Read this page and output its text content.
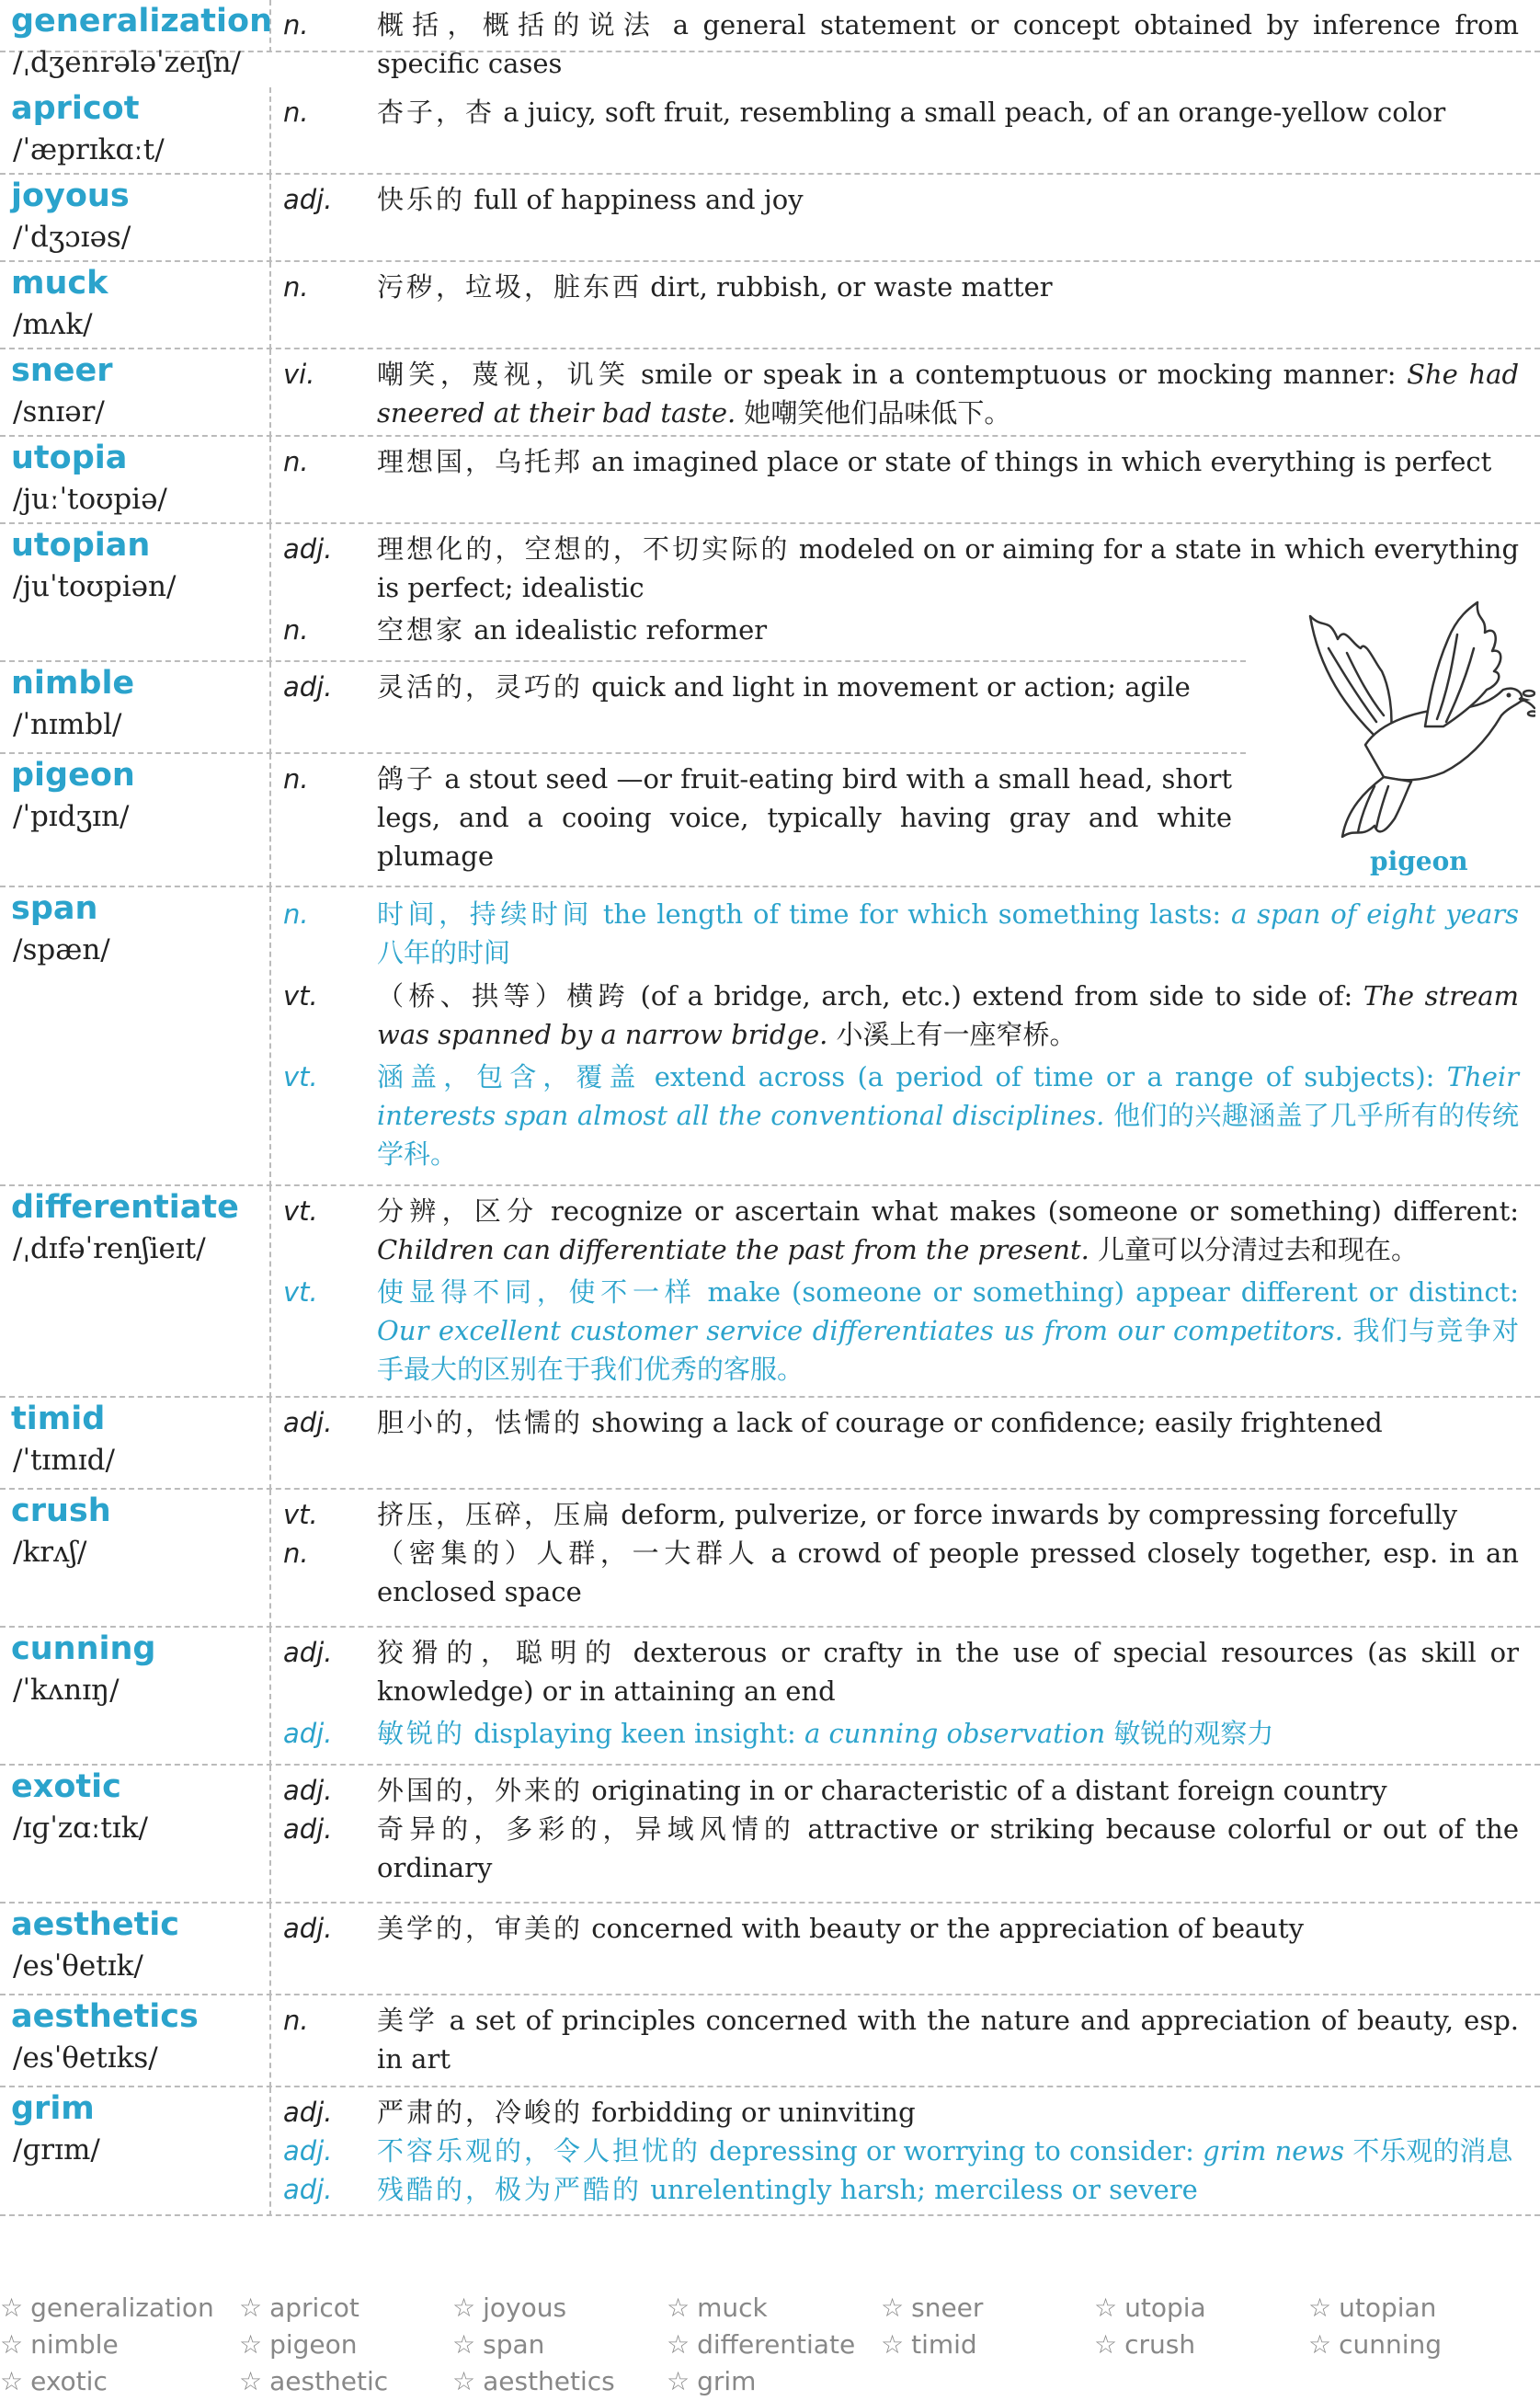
generalization
/ˌdʒenrələˈzeɪʃn/
n.	概括，概括的说法 a general statement or concept obtained by inference from specific cases
apricot
/ˈæprɪkɑːt/
n.	杏子，杏 a juicy, soft fruit, resembling a small peach, of an orange-yellow color
joyous
/ˈdʒɔɪəs/
adj. 快乐的 full of happiness and joy
muck
/mʌk/
n.	污秽，垃圾，脏东西 dirt, rubbish, or waste matter
sneer
/snɪər/
vi. 嘲笑，蔑视，讥笑 smile or speak in a contemptuous or mocking manner: She had sneered at their bad taste. 她嘲笑他们品味低下。
utopia
/juːˈtoʊpiə/
n.	理想国，乌托邦 an imagined place or state of things in which everything is perfect
utopian
/juˈtoʊpiən/
adj. 理想化的，空想的，不切实际的 modeled on or aiming for a state in which everything is perfect; idealistic
n.	空想家 an idealistic reformer
nimble
/ˈnɪmbl/
adj. 灵活的，灵巧的 quick and light in movement or action; agile
pigeon
/ˈpɪdʒɪn/
n.	鸽子 a stout seed —or fruit-eating bird with a small head, short legs, and a cooing voice, typically having gray and white plumage
span
/spæn/
n.	时间，持续时间 the length of time for which something lasts: a span of eight years 八年的时间
vt. （桥、拱等）横跨 (of a bridge, arch, etc.) extend from side to side of: The stream was spanned by a narrow bridge. 小溪上有一座窄桥。
vt. 涵盖，包含，覆盖 extend across (a period of time or a range of subjects): Their interests span almost all the conventional disciplines. 他们的兴趣涵盖了几乎所有的传统学科。
differentiate
/ˌdɪfəˈrenʃieɪt/
vt. 分辨，区分 recognize or ascertain what makes (someone or something) different: Children can differentiate the past from the present. 儿童可以分清过去和现在。
vt. 使显得不同，使不一样 make (someone or something) appear different or distinct: Our excellent customer service differentiates us from our competitors. 我们与竞争对手最大的区别在于我们优秀的客服。
timid
/ˈtɪmɪd/
adj. 胆小的，怯懦的 showing a lack of courage or confidence; easily frightened
crush
/krʌʃ/
vt. 挤压，压碎，压扁 deform, pulverize, or force inwards by compressing forcefully
n.	（密集的）人群，一大群人 a crowd of people pressed closely together, esp. in an enclosed space
cunning
/ˈkʌnɪŋ/
adj. 狡猾的，聪明的 dexterous or crafty in the use of special resources (as skill or knowledge) or in attaining an end
adj. 敏锐的 displaying keen insight: a cunning observation 敏锐的观察力
exotic
/ɪɡˈzɑːtɪk/
adj. 外国的，外来的 originating in or characteristic of a distant foreign country
adj. 奇异的，多彩的，异域风情的 attractive or striking because colorful or out of the ordinary
aesthetic
/esˈθetɪk/
adj. 美学的，审美的 concerned with beauty or the appreciation of beauty
aesthetics
/esˈθetɪks/
n.	美学 a set of principles concerned with the nature and appreciation of beauty, esp. in art
grim
/ɡrɪm/
adj. 严肃的，冷峻的 forbidding or uninviting
adj. 不容乐观的，令人担忧的 depressing or worrying to consider: grim news 不乐观的消息
adj. 残酷的，极为严酷的 unrelentingly harsh; merciless or severe
pigeon
☆ generalization ☆ apricot	☆ joyous	☆ muck	☆ sneer	☆ utopia	☆ utopian
☆ nimble	☆ pigeon	☆ span	☆ differentiate ☆ timid	☆ crush	☆ cunning
☆ exotic	☆ aesthetic ☆ aesthetics ☆ grim
